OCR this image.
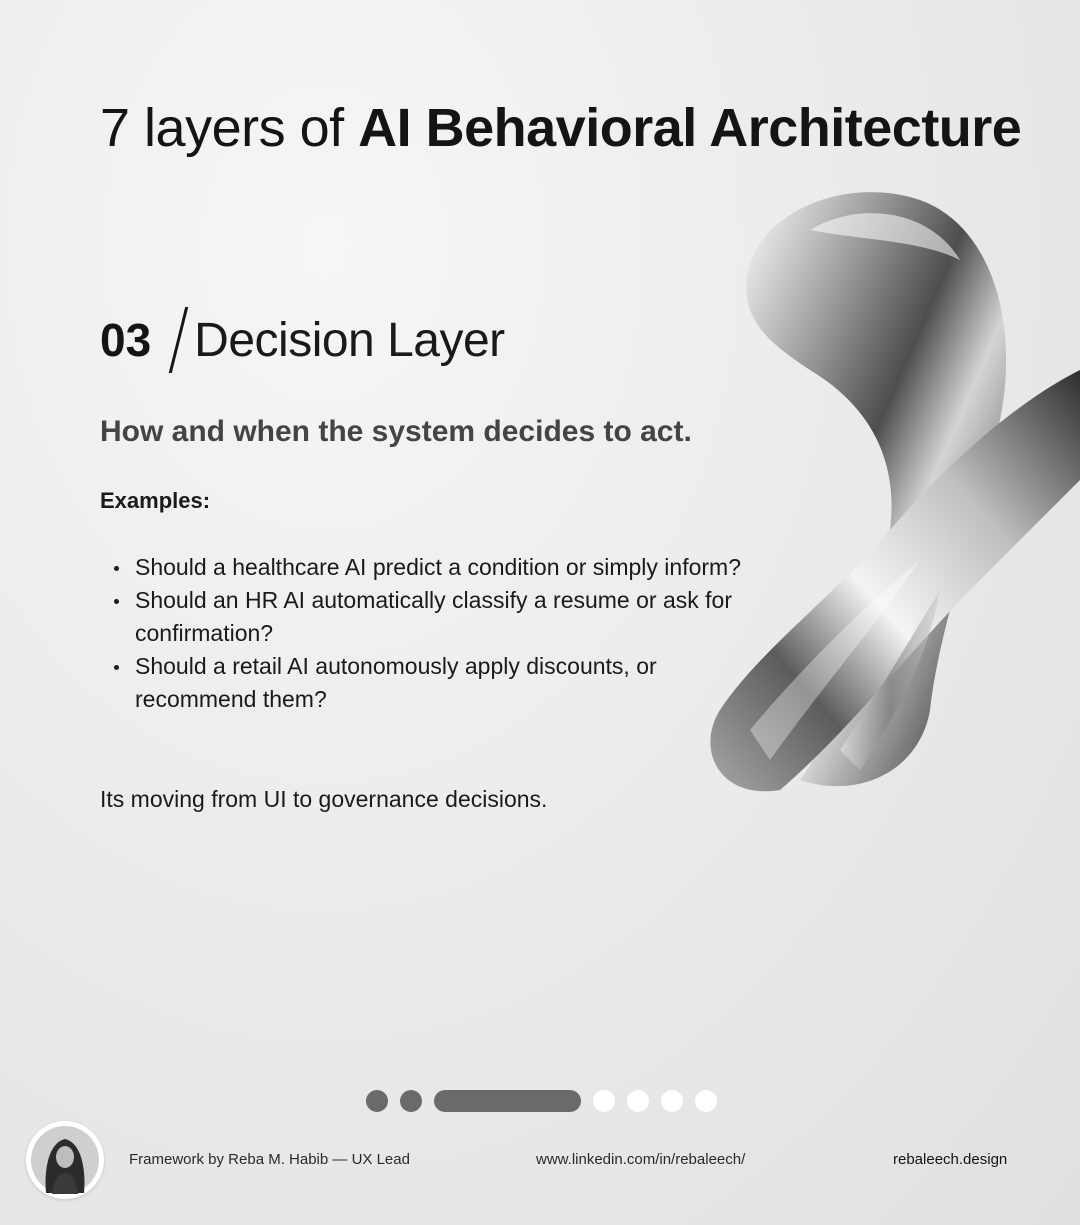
7 layers of AI Behavioral Architecture
03 Decision Layer
How and when the system decides to act.

Examples:

Should a healthcare AI predict a condition or simply inform?
Should an HR AI automatically classify a resume or ask for confirmation?
Should a retail AI autonomously apply discounts, or recommend them?

Its moving from UI to governance decisions.

Framework by Reba M. Habib — UX Lead	www.linkedin.com/in/rebaleech/	rebaleech.design
